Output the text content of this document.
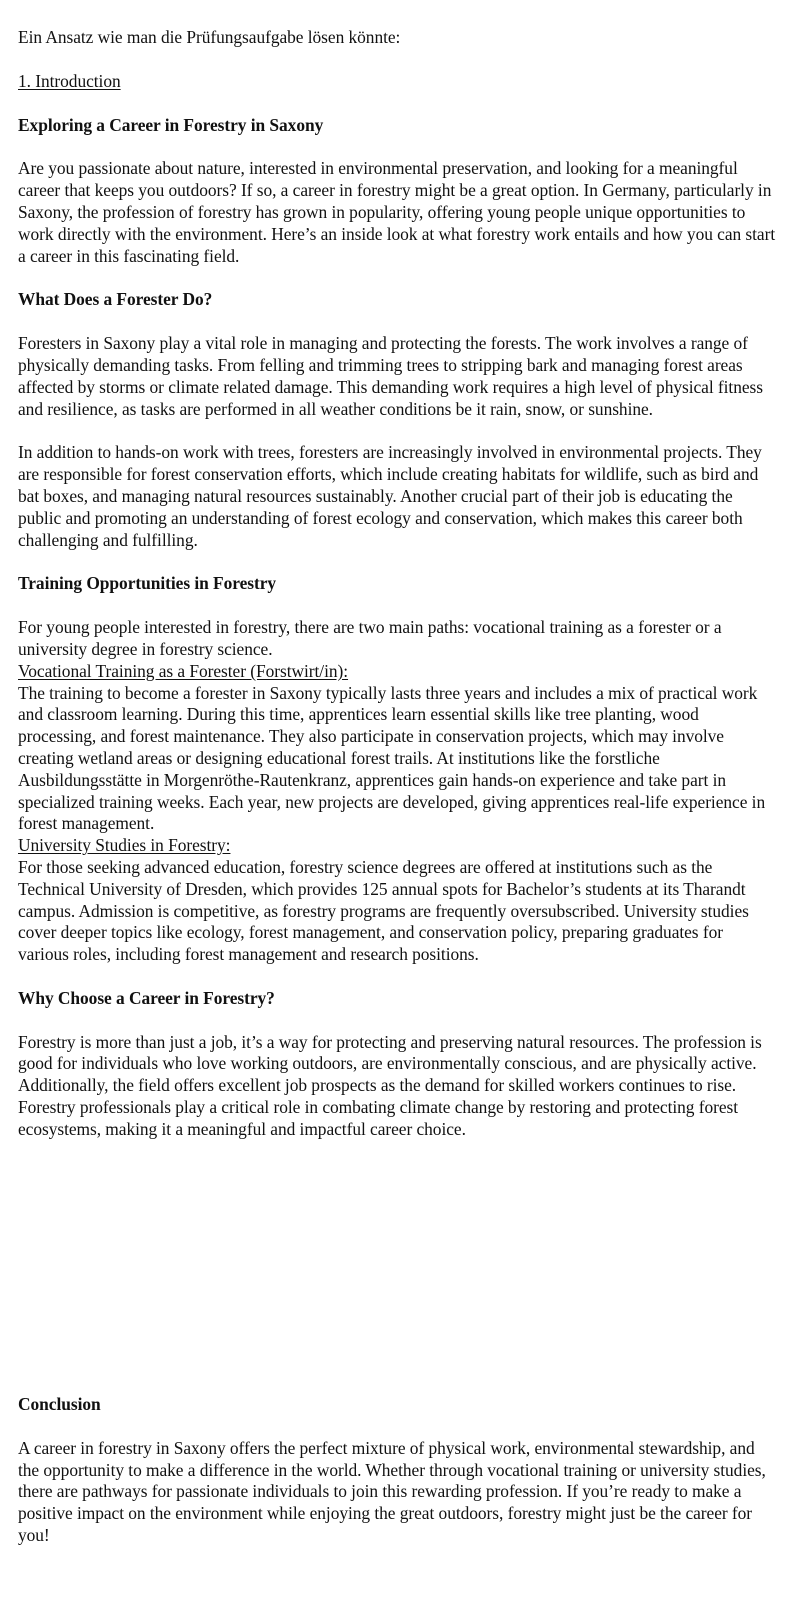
Ein Ansatz wie man die Prüfungsaufgabe lösen könnte:

1. Introduction

Exploring a Career in Forestry in Saxony

Are you passionate about nature, interested in environmental preservation, and looking for a meaningful career that keeps you outdoors? If so, a career in forestry might be a great option. In Germany, particularly in Saxony, the profession of forestry has grown in popularity, offering young people unique opportunities to work directly with the environment. Here’s an inside look at what forestry work entails and how you can start a career in this fascinating field.

What Does a Forester Do?

Foresters in Saxony play a vital role in managing and protecting the forests. The work involves a range of physically demanding tasks. From felling and trimming trees to stripping bark and managing forest areas affected by storms or climate related damage. This demanding work requires a high level of physical fitness and resilience, as tasks are performed in all weather conditions be it rain, snow, or sunshine.

In addition to hands-on work with trees, foresters are increasingly involved in environmental projects. They are responsible for forest conservation efforts, which include creating habitats for wildlife, such as bird and bat boxes, and managing natural resources sustainably. Another crucial part of their job is educating the public and promoting an understanding of forest ecology and conservation, which makes this career both challenging and fulfilling.

Training Opportunities in Forestry

For young people interested in forestry, there are two main paths: vocational training as a forester or a university degree in forestry science.

Vocational Training as a Forester (Forstwirt/in):

The training to become a forester in Saxony typically lasts three years and includes a mix of practical work and classroom learning. During this time, apprentices learn essential skills like tree planting, wood processing, and forest maintenance. They also participate in conservation projects, which may involve creating wetland areas or designing educational forest trails. At institutions like the forstliche Ausbildungsstätte in Morgenröthe-Rautenkranz, apprentices gain hands-on experience and take part in specialized training weeks. Each year, new projects are developed, giving apprentices real-life experience in forest management.

University Studies in Forestry:

For those seeking advanced education, forestry science degrees are offered at institutions such as the Technical University of Dresden, which provides 125 annual spots for Bachelor’s students at its Tharandt campus. Admission is competitive, as forestry programs are frequently oversubscribed. University studies cover deeper topics like ecology, forest management, and conservation policy, preparing graduates for various roles, including forest management and research positions.

Why Choose a Career in Forestry?

Forestry is more than just a job, it’s a way for protecting and preserving natural resources. The profession is good for individuals who love working outdoors, are environmentally conscious, and are physically active. Additionally, the field offers excellent job prospects as the demand for skilled workers continues to rise. Forestry professionals play a critical role in combating climate change by restoring and protecting forest ecosystems, making it a meaningful and impactful career choice.

Conclusion

A career in forestry in Saxony offers the perfect mixture of physical work, environmental stewardship, and the opportunity to make a difference in the world. Whether through vocational training or university studies, there are pathways for passionate individuals to join this rewarding profession. If you’re ready to make a positive impact on the environment while enjoying the great outdoors, forestry might just be the career for you!
